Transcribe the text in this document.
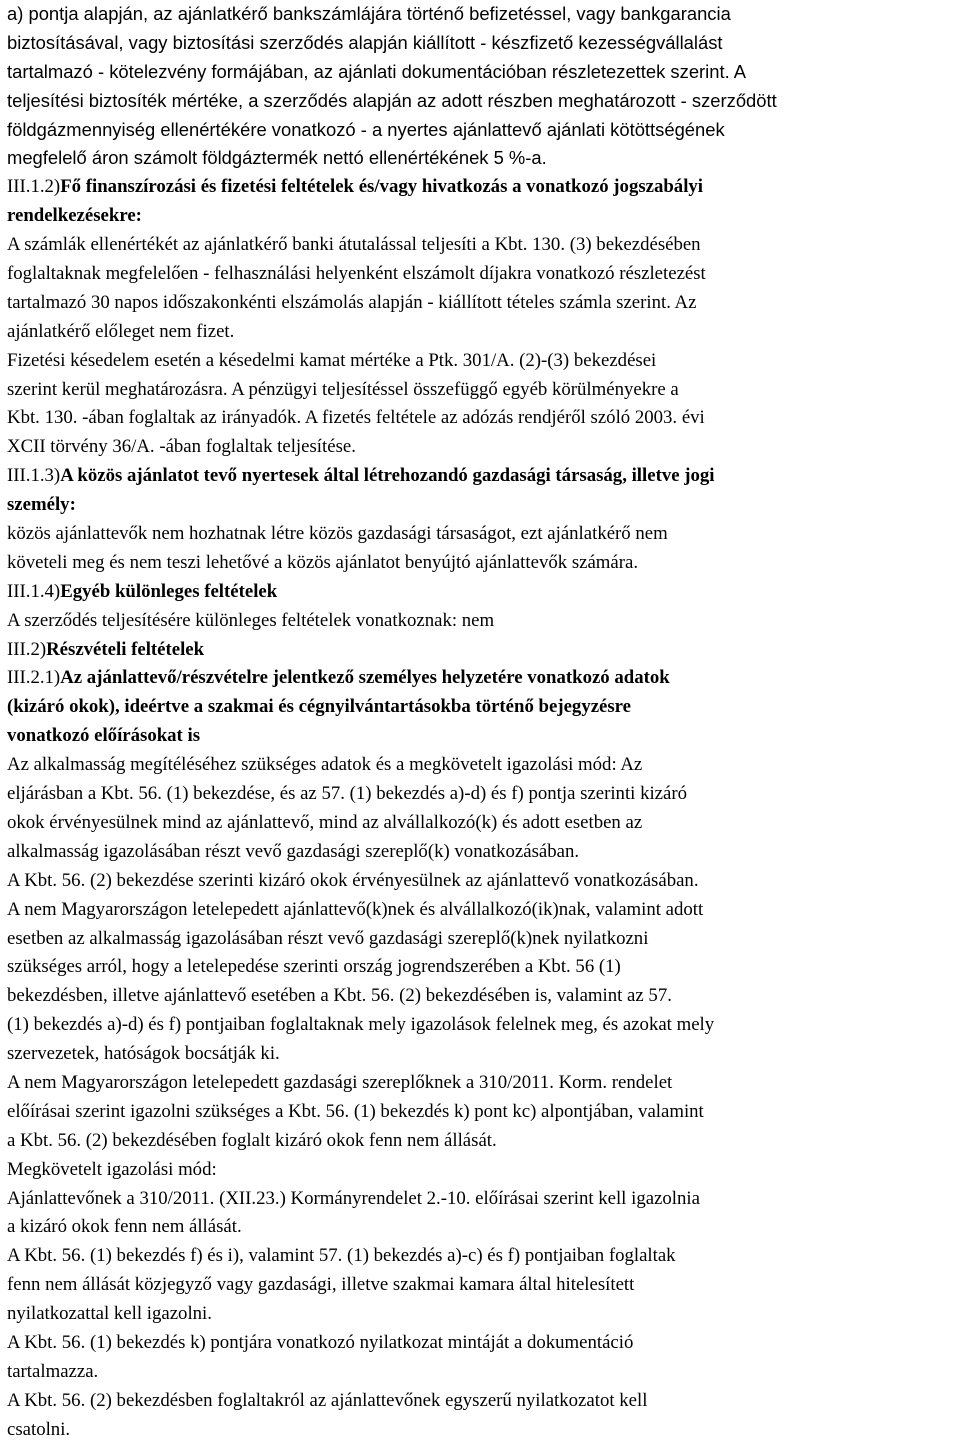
a) pontja alapján, az ajánlatkérő bankszámlájára történő befizetéssel, vagy bankgarancia
biztosításával, vagy biztosítási szerződés alapján kiállított - készfizető kezességvállalást
tartalmazó - kötelezvény formájában, az ajánlati dokumentációban részletezettek szerint. A
teljesítési biztosíték mértéke, a szerződés alapján az adott részben meghatározott - szerződött
földgázmennyiség ellenértékére vonatkozó - a nyertes ajánlattevő ajánlati kötöttségének
megfelelő áron számolt földgáztermék nettó ellenértékének 5 %-a.
III.1.2)Fő finanszírozási és fizetési feltételek és/vagy hivatkozás a vonatkozó jogszabályi
rendelkezésekre:
A számlák ellenértékét az ajánlatkérő banki átutalással teljesíti a Kbt. 130. (3) bekezdésében
foglaltaknak megfelelően - felhasználási helyenként elszámolt díjakra vonatkozó részletezést
tartalmazó 30 napos időszakonkénti elszámolás alapján - kiállított tételes számla szerint. Az
ajánlatkérő előleget nem fizet.
Fizetési késedelem esetén a késedelmi kamat mértéke a Ptk. 301/A. (2)-(3) bekezdései
szerint kerül meghatározásra. A pénzügyi teljesítéssel összefüggő egyéb körülményekre a
Kbt. 130. -ában foglaltak az irányadók. A fizetés feltétele az adózás rendjéről szóló 2003. évi
XCII törvény 36/A. -ában foglaltak teljesítése.
III.1.3)A közös ajánlatot tevő nyertesek által létrehozandó gazdasági társaság, illetve jogi
személy:
közös ajánlattevők nem hozhatnak létre közös gazdasági társaságot, ezt ajánlatkérő nem
követeli meg és nem teszi lehetővé a közös ajánlatot benyújtó ajánlattevők számára.
III.1.4)Egyéb különleges feltételek
A szerződés teljesítésére különleges feltételek vonatkoznak: nem
III.2)Részvételi feltételek
III.2.1)Az ajánlattevő/részvételre jelentkező személyes helyzetére vonatkozó adatok
(kizáró okok), ideértve a szakmai és cégnyilvántartásokba történő bejegyzésre
vonatkozó előírásokat is
Az alkalmasság megítéléséhez szükséges adatok és a megkövetelt igazolási mód: Az
eljárásban a Kbt. 56. (1) bekezdése, és az 57. (1) bekezdés a)-d) és f) pontja szerinti kizáró
okok érvényesülnek mind az ajánlattevő, mind az alvállalkozó(k) és adott esetben az
alkalmasság igazolásában részt vevő gazdasági szereplő(k) vonatkozásában.
A Kbt. 56. (2) bekezdése szerinti kizáró okok érvényesülnek az ajánlattevő vonatkozásában.
A nem Magyarországon letelepedett ajánlattevő(k)nek és alvállalkozó(ik)nak, valamint adott
esetben az alkalmasság igazolásában részt vevő gazdasági szereplő(k)nek nyilatkozni
szükséges arról, hogy a letelepedése szerinti ország jogrendszerében a Kbt. 56 (1)
bekezdésben, illetve ajánlattevő esetében a Kbt. 56. (2) bekezdésében is, valamint az 57.
(1) bekezdés a)-d) és f) pontjaiban foglaltaknak mely igazolások felelnek meg, és azokat mely
szervezetek, hatóságok bocsátják ki.
A nem Magyarországon letelepedett gazdasági szereplőknek a 310/2011. Korm. rendelet
előírásai szerint igazolni szükséges a Kbt. 56. (1) bekezdés k) pont kc) alpontjában, valamint
a Kbt. 56. (2) bekezdésében foglalt kizáró okok fenn nem állását.
Megkövetelt igazolási mód:
Ajánlattevőnek a 310/2011. (XII.23.) Kormányrendelet 2.-10. előírásai szerint kell igazolnia
a kizáró okok fenn nem állását.
A Kbt. 56. (1) bekezdés f) és i), valamint 57. (1) bekezdés a)-c) és f) pontjaiban foglaltak
fenn nem állását közjegyző vagy gazdasági, illetve szakmai kamara által hitelesített
nyilatkozattal kell igazolni.
A Kbt. 56. (1) bekezdés k) pontjára vonatkozó nyilatkozat mintáját a dokumentáció
tartalmazza.
A Kbt. 56. (2) bekezdésben foglaltakról az ajánlattevőnek egyszerű nyilatkozatot kell
csatolni.
